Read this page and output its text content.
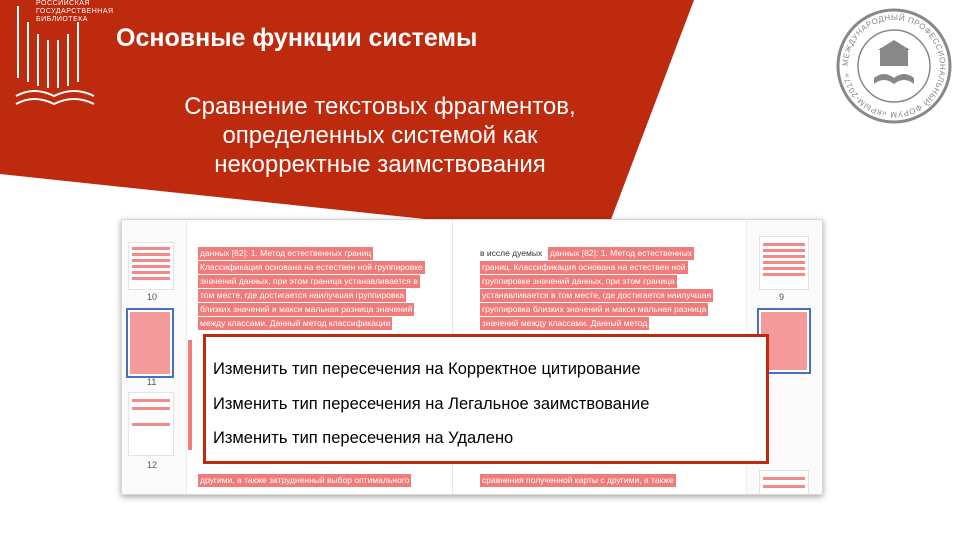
РОССИЙСКАЯ
ГОСУДАРСТВЕННАЯ
БИБЛИОТЕКА
Основные функции системы
Сравнение текстовых фрагментов,
определенных системой как
некорректные заимствования
МЕЖДУНАРОДНЫЙ ПРОФЕССИОНАЛЬНЫЙ ФОРУМ «КРЫМ-2017»
10
11
12
данных [82]: 1. Метод естественных границ
Классификация основана на естествен ной группировке
значений данных, при этом граница устанавливается в
том месте, где достигается наилучшая группировка
близких значений и макси мальная разница значений
между классами. Данный метод классификации
другими, а также затрудненный выбор оптимального
в иссле дуемых данных [82]: 1. Метод естественных
границ. Классификация основана на естествен ной
группировке значений данных, при этом граница
устанавливается в том месте, где достигается наилучшая
группировка близких значений и макси мальная разница
значений между классами. Данный метод
сравнения полученной карты с другими, а также
9
Изменить тип пересечения на Корректное цитирование
Изменить тип пересечения на Легальное заимствование
Изменить тип пересечения на Удалено
